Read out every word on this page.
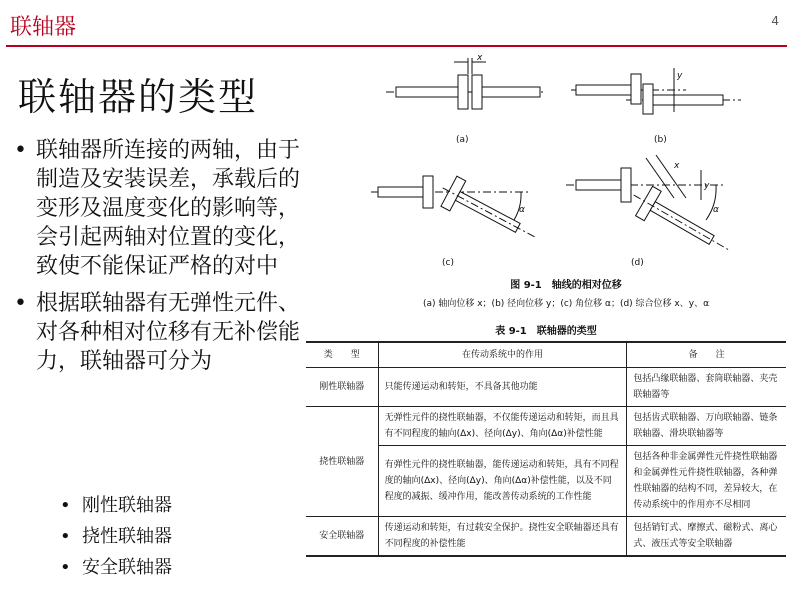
联轴器	4
联轴器的类型
• 联轴器所连接的两轴，由于制造及安装误差，承载后的变形及温度变化的影响等，会引起两轴对位置的变化，致使不能保证严格的对中
• 根据联轴器有无弹性元件、对各种相对位移有无补偿能力，联轴器可分为
• 刚性联轴器
• 挠性联轴器
• 安全联轴器
(a)	(b)
(c)	(d)
x
y
α
x
y
α
图 9-1　轴线的相对位移
(a) 轴向位移 x；(b) 径向位移 y；(c) 角位移 α；(d) 综合位移 x、y、α
表 9-1　联轴器的类型
类　　型	在传动系统中的作用	备　　注
刚性联轴器	只能传递运动和转矩，不具备其他功能	包括凸缘联轴器、套筒联轴器、夹壳联轴器等
挠性联轴器	无弹性元件的挠性联轴器，不仅能传递运动和转矩，而且具有不同程度的轴向(Δx)、径向(Δy)、角向(Δα)补偿性能	包括齿式联轴器、万向联轴器、链条联轴器、滑块联轴器等
	有弹性元件的挠性联轴器，能传递运动和转矩，具有不同程度的轴向(Δx)、径向(Δy)、角向(Δα)补偿性能，以及不同程度的减振、缓冲作用，能改善传动系统的工作性能	包括各种非金属弹性元件挠性联轴器和金属弹性元件挠性联轴器，各种弹性联轴器的结构不同，差异较大，在传动系统中的作用亦不尽相同
安全联轴器	传递运动和转矩，有过载安全保护。挠性安全联轴器还具有不同程度的补偿性能	包括销钉式、摩擦式、磁粉式、离心式、液压式等安全联轴器
